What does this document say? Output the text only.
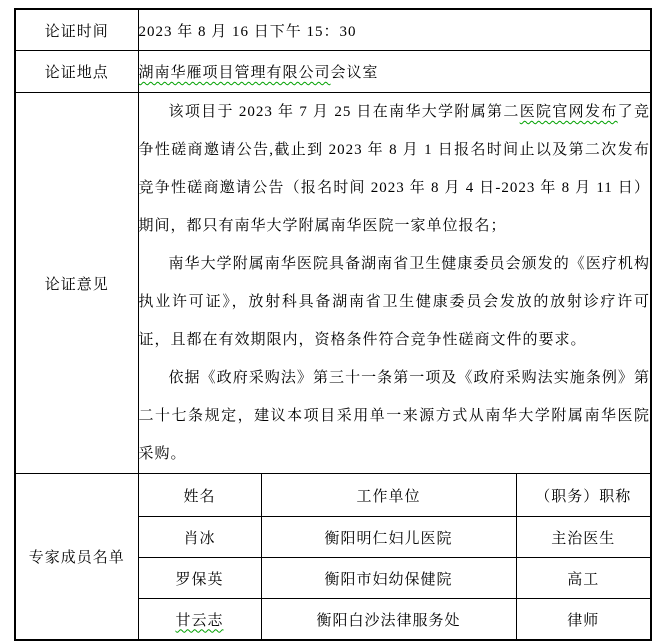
论证时间	2023 年 8 月 16 日下午 15：30		
论证地点	湖南华雁项目管理有限公司会议室		
论证意见	该项目于 2023 年 7 月 25 日在南华大学附属第二医院官网发布了竞争性磋商邀请公告,截止到 2023 年 8 月 1 日报名时间止以及第二次发布竞争性磋商邀请公告（报名时间 2023 年 8 月 4 日-2023 年 8 月 11 日）期间，都只有南华大学附属南华医院一家单位报名；

南华大学附属南华医院具备湖南省卫生健康委员会颁发的《医疗机构执业许可证》，放射科具备湖南省卫生健康委员会发放的放射诊疗许可证，且都在有效期限内，资格条件符合竞争性磋商文件的要求。

依据《政府采购法》第三十一条第一项及《政府采购法实施条例》第二十七条规定，建议本项目采用单一来源方式从南华大学附属南华医院采购。		

专家成员名单	姓名	工作单位	（职务）职称
	肖冰	衡阳明仁妇儿医院	主治医生
	罗保英	衡阳市妇幼保健院	高工
	甘云志	衡阳白沙法律服务处	律师
